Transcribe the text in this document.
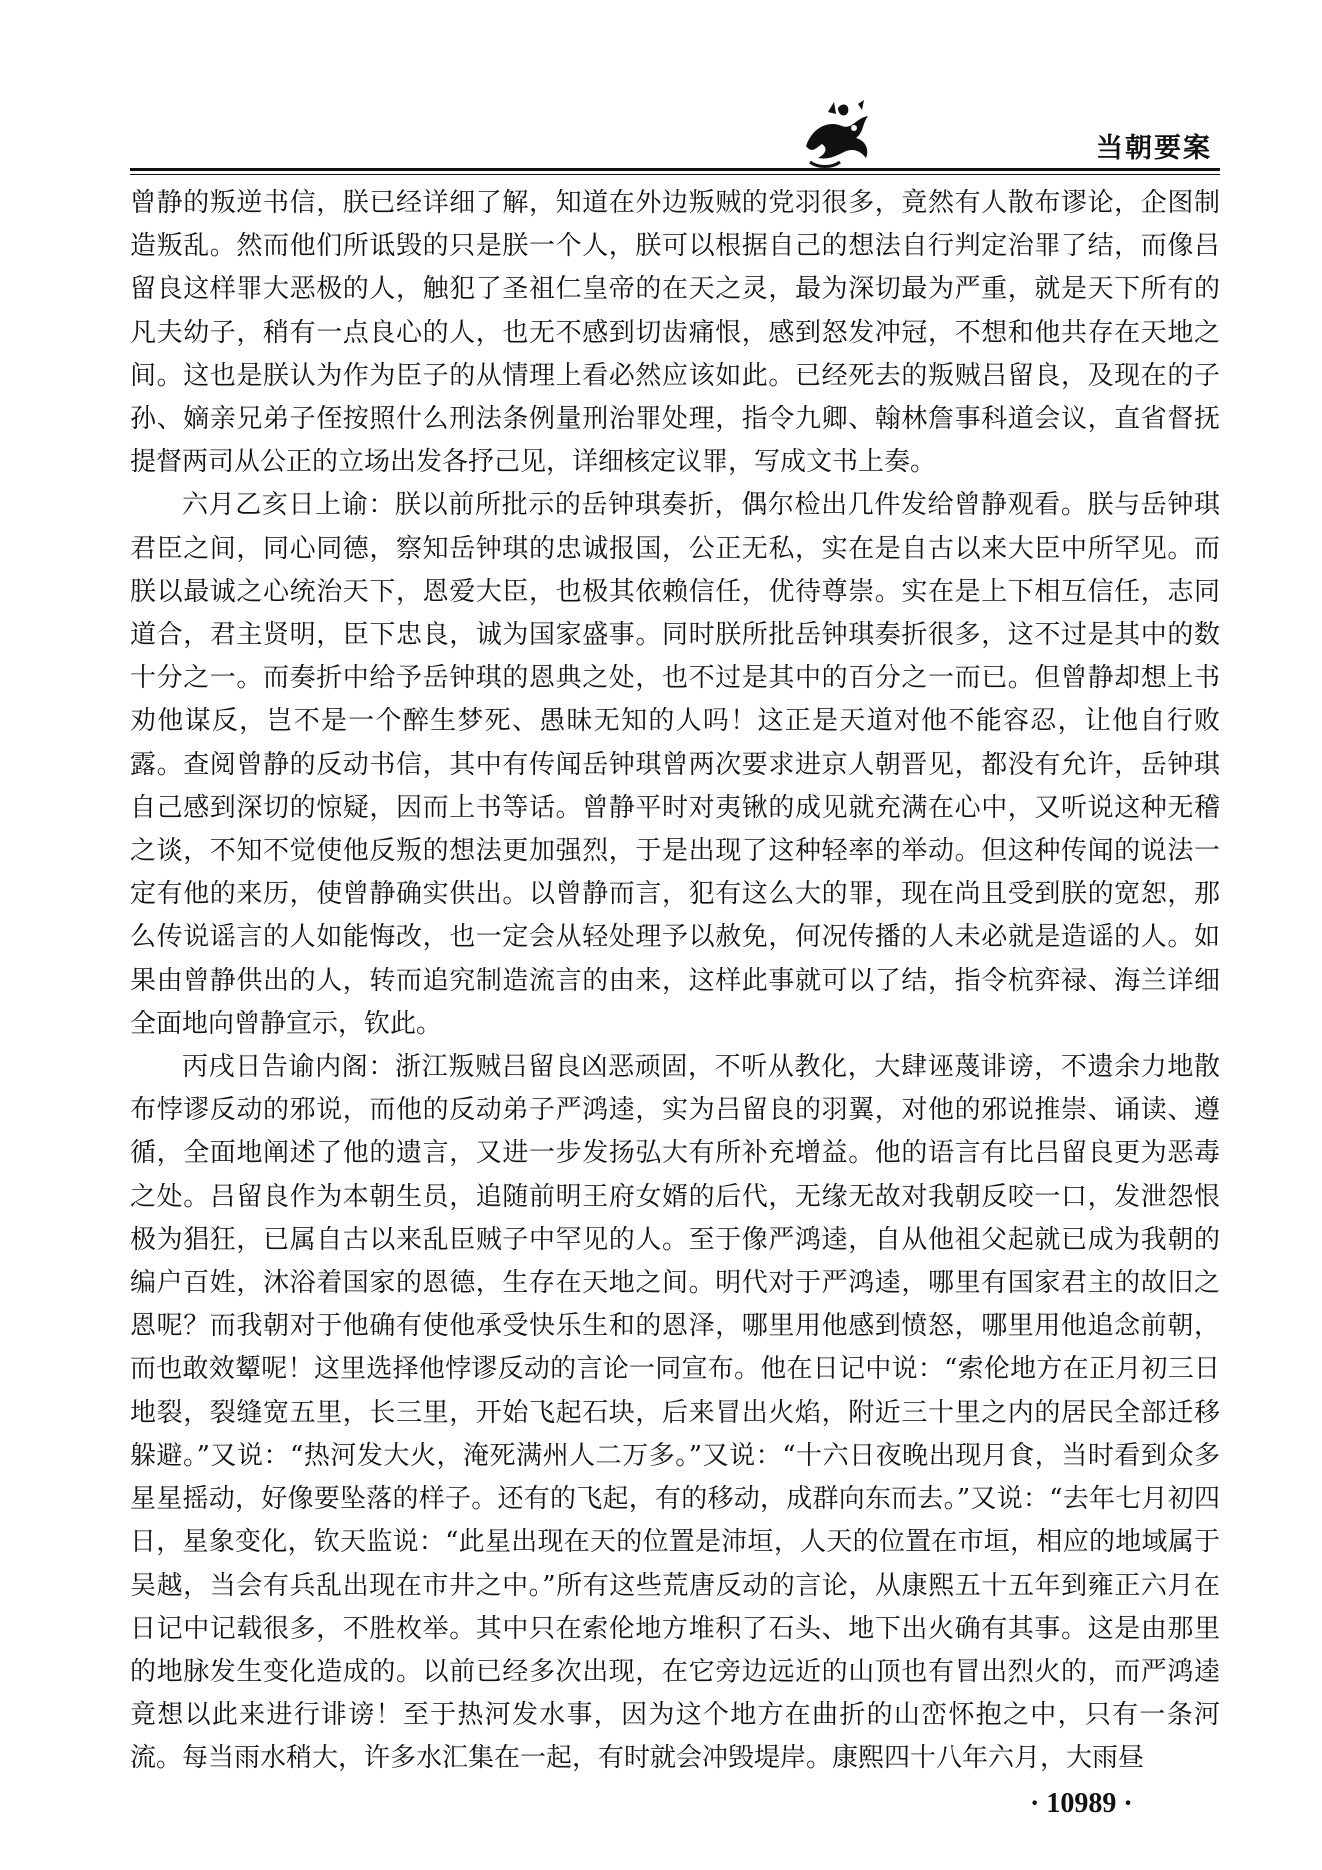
当朝要案

曾静的叛逆书信，朕已经详细了解，知道在外边叛贼的党羽很多，竟然有人散布谬论，企图制造叛乱。然而他们所诋毁的只是朕一个人，朕可以根据自己的想法自行判定治罪了结，而像吕留良这样罪大恶极的人，触犯了圣祖仁皇帝的在天之灵，最为深切最为严重，就是天下所有的凡夫幼子，稍有一点良心的人，也无不感到切齿痛恨，感到怒发冲冠，不想和他共存在天地之间。这也是朕认为作为臣子的从情理上看必然应该如此。已经死去的叛贼吕留良，及现在的子孙、嫡亲兄弟子侄按照什么刑法条例量刑治罪处理，指令九卿、翰林詹事科道会议，直省督抚提督两司从公正的立场出发各抒己见，详细核定议罪，写成文书上奏。

六月乙亥日上谕：朕以前所批示的岳钟琪奏折，偶尔检出几件发给曾静观看。朕与岳钟琪君臣之间，同心同德，察知岳钟琪的忠诚报国，公正无私，实在是自古以来大臣中所罕见。而朕以最诚之心统治天下，恩爱大臣，也极其依赖信任，优待尊崇。实在是上下相互信任，志同道合，君主贤明，臣下忠良，诚为国家盛事。同时朕所批岳钟琪奏折很多，这不过是其中的数十分之一。而奏折中给予岳钟琪的恩典之处，也不过是其中的百分之一而已。但曾静却想上书劝他谋反，岂不是一个醉生梦死、愚昧无知的人吗！这正是天道对他不能容忍，让他自行败露。查阅曾静的反动书信，其中有传闻岳钟琪曾两次要求进京人朝晋见，都没有允许，岳钟琪自己感到深切的惊疑，因而上书等话。曾静平时对夷锹的成见就充满在心中，又听说这种无稽之谈，不知不觉使他反叛的想法更加强烈，于是出现了这种轻率的举动。但这种传闻的说法一定有他的来历，使曾静确实供出。以曾静而言，犯有这么大的罪，现在尚且受到朕的宽恕，那么传说谣言的人如能悔改，也一定会从轻处理予以赦免，何况传播的人未必就是造谣的人。如果由曾静供出的人，转而追究制造流言的由来，这样此事就可以了结，指令杭弈禄、海兰详细全面地向曾静宣示，钦此。

丙戌日告谕内阁：浙江叛贼吕留良凶恶顽固，不听从教化，大肆诬蔑诽谤，不遗余力地散布悖谬反动的邪说，而他的反动弟子严鸿逵，实为吕留良的羽翼，对他的邪说推崇、诵读、遵循，全面地阐述了他的遗言，又进一步发扬弘大有所补充增益。他的语言有比吕留良更为恶毒之处。吕留良作为本朝生员，追随前明王府女婿的后代，无缘无故对我朝反咬一口，发泄怨恨极为猖狂，已属自古以来乱臣贼子中罕见的人。至于像严鸿逵，自从他祖父起就已成为我朝的编户百姓，沐浴着国家的恩德，生存在天地之间。明代对于严鸿逵，哪里有国家君主的故旧之恩呢？而我朝对于他确有使他承受快乐生和的恩泽，哪里用他感到愤怒，哪里用他追念前朝，而也敢效颦呢！这里选择他悖谬反动的言论一同宣布。他在日记中说：“索伦地方在正月初三日地裂，裂缝宽五里，长三里，开始飞起石块，后来冒出火焰，附近三十里之内的居民全部迁移躲避。”又说：“热河发大火，淹死满州人二万多。”又说：“十六日夜晚出现月食，当时看到众多星星摇动，好像要坠落的样子。还有的飞起，有的移动，成群向东而去。”又说：“去年七月初四日，星象变化，钦天监说：“此星出现在天的位置是沛垣，人天的位置在市垣，相应的地域属于吴越，当会有兵乱出现在市井之中。”所有这些荒唐反动的言论，从康熙五十五年到雍正六月在日记中记载很多，不胜枚举。其中只在索伦地方堆积了石头、地下出火确有其事。这是由那里的地脉发生变化造成的。以前已经多次出现，在它旁边远近的山顶也有冒出烈火的，而严鸿逵竟想以此来进行诽谤！至于热河发水事，因为这个地方在曲折的山峦怀抱之中，只有一条河流。每当雨水稍大，许多水汇集在一起，有时就会冲毁堤岸。康熙四十八年六月，大雨昼

· 10989 ·
